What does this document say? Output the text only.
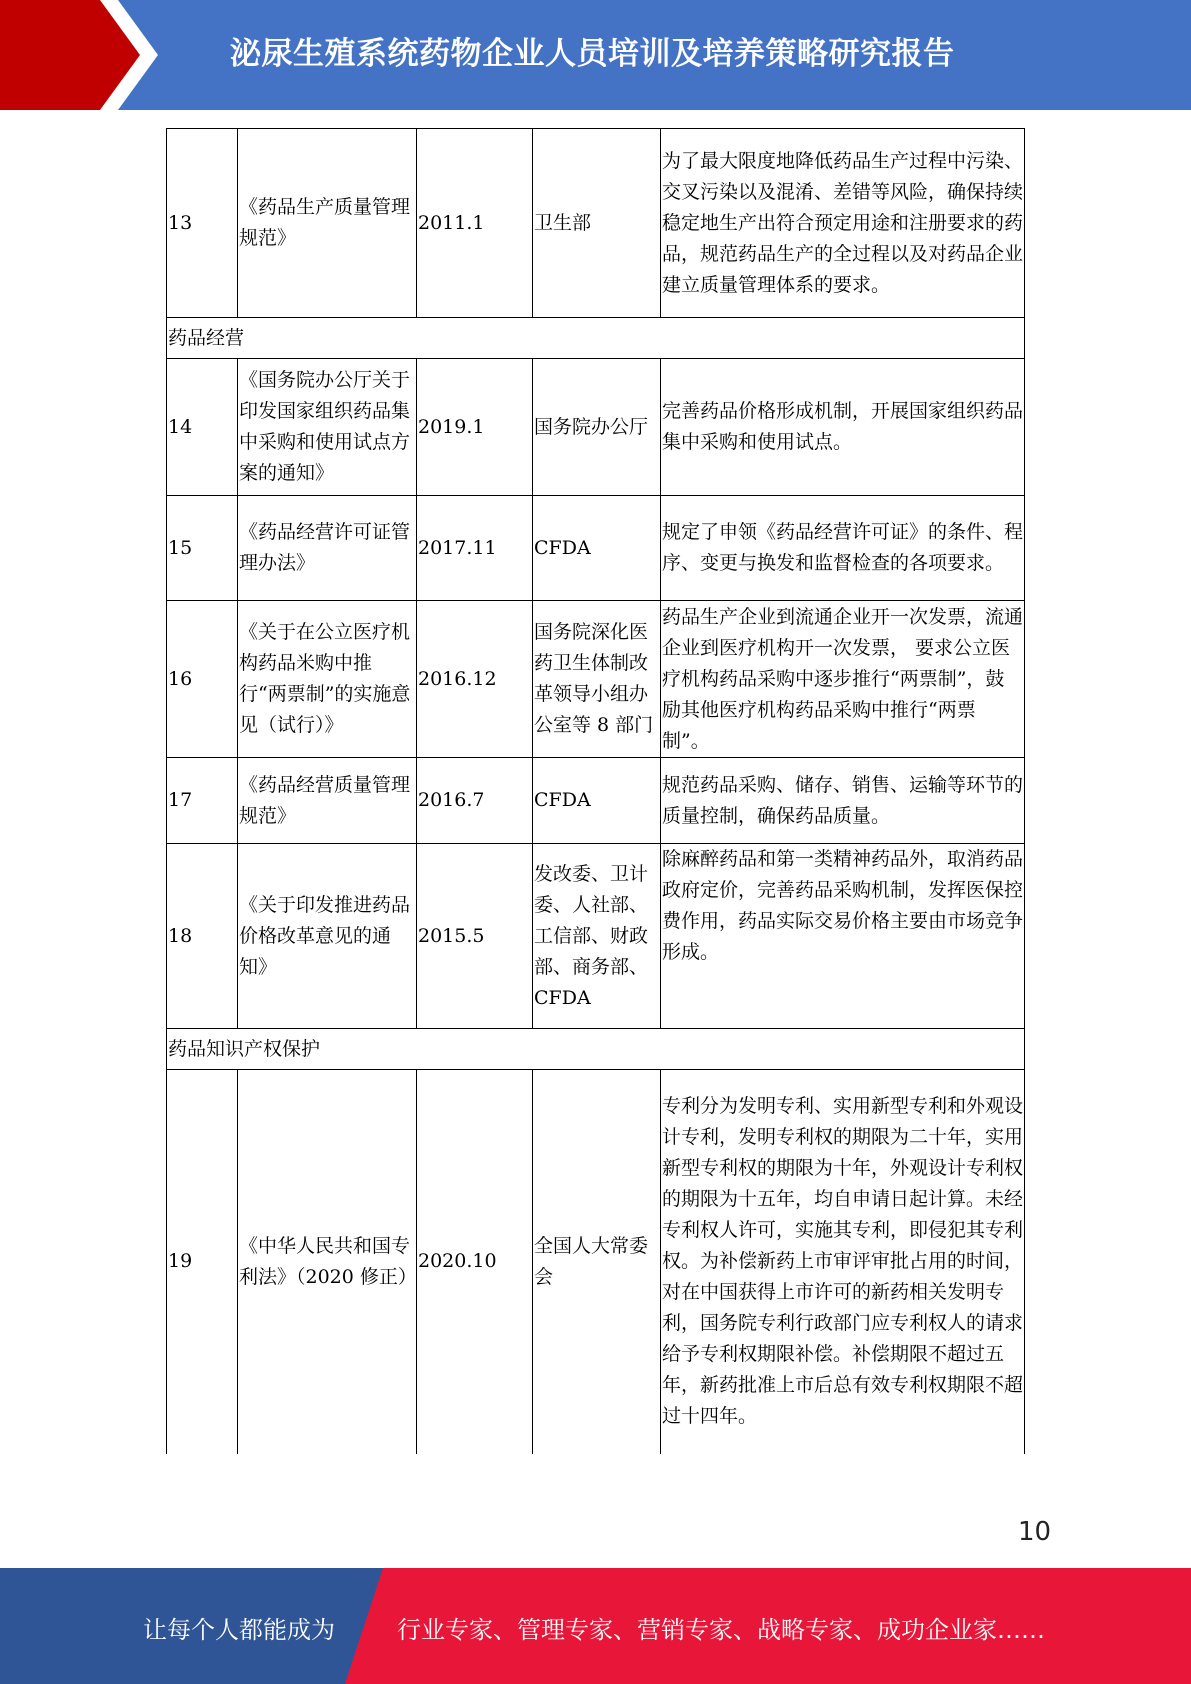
泌尿生殖系统药物企业人员培训及培养策略研究报告
13	《药品生产质量管理规范》	2011.1	卫生部	为了最大限度地降低药品生产过程中污染、交叉污染以及混淆、差错等风险，确保持续稳定地生产出符合预定用途和注册要求的药品，规范药品生产的全过程以及对药品企业建立质量管理体系的要求。
药品经营				
14	《国务院办公厅关于印发国家组织药品集中采购和使用试点方案的通知》	2019.1	国务院办公厅	完善药品价格形成机制，开展国家组织药品集中采购和使用试点。
15	《药品经营许可证管理办法》	2017.11	CFDA	规定了申领《药品经营许可证》的条件、程序、变更与换发和监督检查的各项要求。
16	《关于在公立医疗机构药品米购中推行“两票制”的实施意见（试行）》	2016.12	国务院深化医药卫生体制改革领导小组办公室等 8 部门	药品生产企业到流通企业开一次发票，流通企业到医疗机构开一次发票， 要求公立医疗机构药品采购中逐步推行“两票制”，鼓励其他医疗机构药品采购中推行“两票制”。
17	《药品经营质量管理规范》	2016.7	CFDA	规范药品采购、储存、销售、运输等环节的质量控制，确保药品质量。
18	《关于印发推进药品价格改革意见的通知》	2015.5	发改委、卫计委、人社部、工信部、财政部、商务部、CFDA	除麻醉药品和第一类精神药品外，取消药品政府定价，完善药品采购机制，发挥医保控费作用，药品实际交易价格主要由市场竞争形成。
药品知识产权保护				
19	《中华人民共和国专利法》（2020 修正）	2020.10	全国人大常委会	专利分为发明专利、实用新型专利和外观设计专利，发明专利权的期限为二十年，实用新型专利权的期限为十年，外观设计专利权的期限为十五年，均自申请日起计算。未经专利权人许可，实施其专利，即侵犯其专利权。为补偿新药上市审评审批占用的时间，对在中国获得上市许可的新药相关发明专利，国务院专利行政部门应专利权人的请求给予专利权期限补偿。补偿期限不超过五年，新药批准上市后总有效专利权期限不超过十四年。
10
让每个人都能成为	行业专家、管理专家、营销专家、战略专家、成功企业家……
